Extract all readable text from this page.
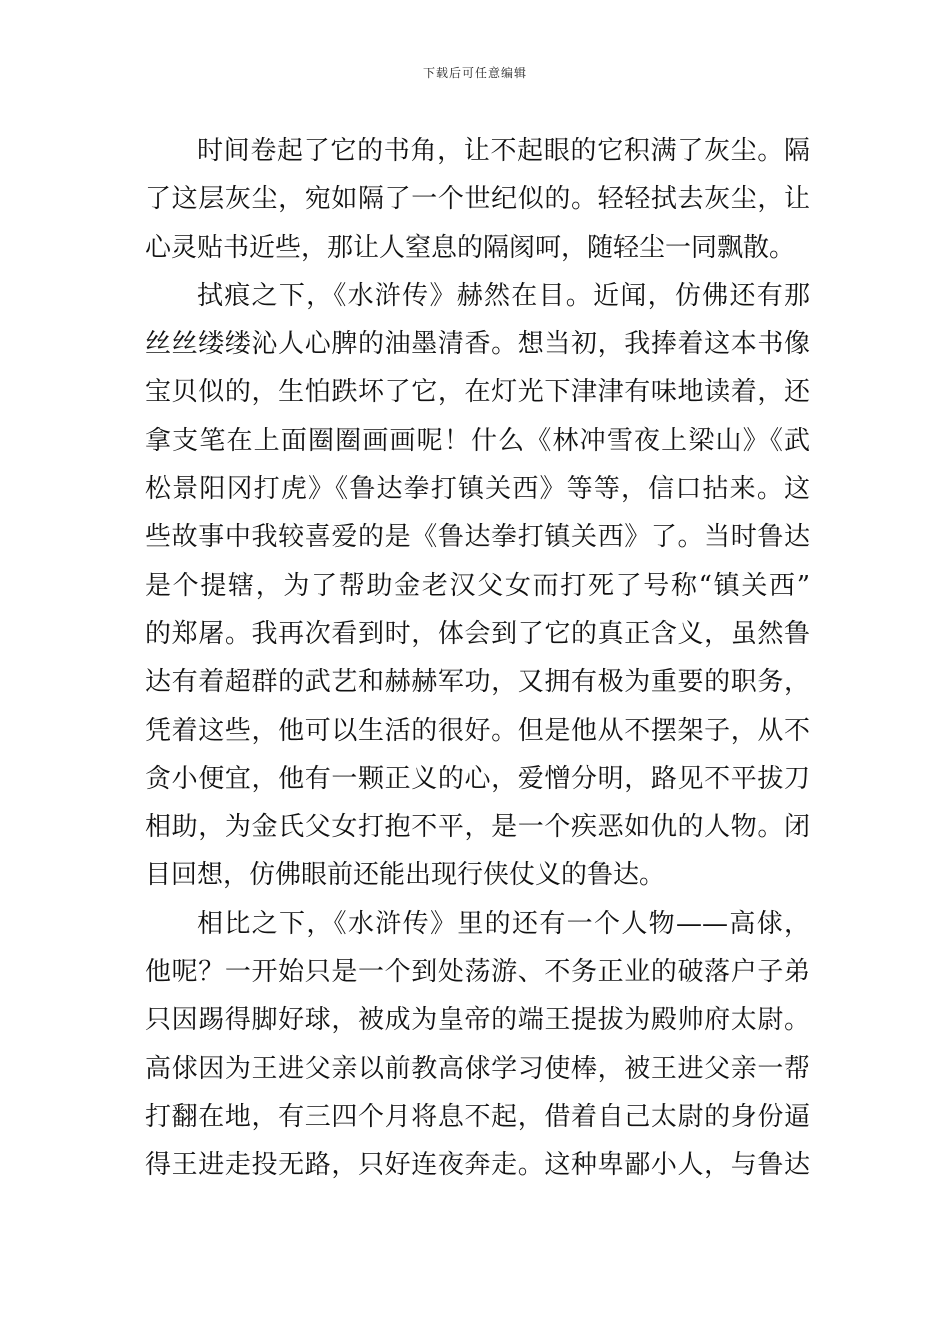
下载后可任意编辑
时间卷起了它的书角，让不起眼的它积满了灰尘。隔
了这层灰尘，宛如隔了一个世纪似的。轻轻拭去灰尘，让
心灵贴书近些，那让人窒息的隔阂呵，随轻尘一同飘散。
拭痕之下，《水浒传》赫然在目。近闻，仿佛还有那
丝丝缕缕沁人心脾的油墨清香。想当初，我捧着这本书像
宝贝似的，生怕跌坏了它，在灯光下津津有味地读着，还
拿支笔在上面圈圈画画呢！什么《林冲雪夜上梁山》《武
松景阳冈打虎》《鲁达拳打镇关西》等等，信口拈来。这
些故事中我较喜爱的是《鲁达拳打镇关西》了。当时鲁达
是个提辖，为了帮助金老汉父女而打死了号称“镇关西”
的郑屠。我再次看到时，体会到了它的真正含义，虽然鲁
达有着超群的武艺和赫赫军功，又拥有极为重要的职务，
凭着这些，他可以生活的很好。但是他从不摆架子，从不
贪小便宜，他有一颗正义的心，爱憎分明，路见不平拔刀
相助，为金氏父女打抱不平，是一个疾恶如仇的人物。闭
目回想，仿佛眼前还能出现行侠仗义的鲁达。
相比之下，《水浒传》里的还有一个人物——高俅，
他呢？一开始只是一个到处荡游、不务正业的破落户子弟
只因踢得脚好球，被成为皇帝的端王提拔为殿帅府太尉。
高俅因为王进父亲以前教高俅学习使棒，被王进父亲一帮
打翻在地，有三四个月将息不起，借着自己太尉的身份逼
得王进走投无路，只好连夜奔走。这种卑鄙小人，与鲁达
